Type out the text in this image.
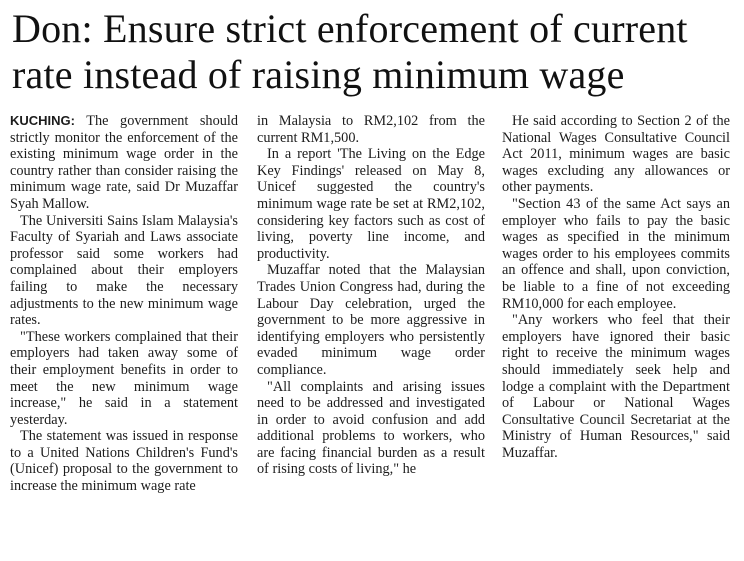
Don: Ensure strict enforcement of current
rate instead of raising minimum wage

KUCHING: The government should strictly monitor the enforcement of the existing minimum wage order in the country rather than consider raising the minimum wage rate, said Dr Muzaffar Syah Mallow.

The Universiti Sains Islam Malaysia's Faculty of Syariah and Laws associate professor said some workers had complained about their employers failing to make the necessary adjustments to the new minimum wage rates.

"These workers complained that their employers had taken away some of their employment benefits in order to meet the new minimum wage increase," he said in a statement yesterday.

The statement was issued in response to a United Nations Children's Fund's (Unicef) proposal to the government to increase the minimum wage rate

in Malaysia to RM2,102 from the current RM1,500.

In a report 'The Living on the Edge Key Findings' released on May 8, Unicef suggested the country's minimum wage rate be set at RM2,102, considering key factors such as cost of living, poverty line income, and productivity.

Muzaffar noted that the Malaysian Trades Union Congress had, during the Labour Day celebration, urged the government to be more aggressive in identifying employers who persistently evaded minimum wage order compliance.

"All complaints and arising issues need to be addressed and investigated in order to avoid confusion and add additional problems to workers, who are facing financial burden as a result of rising costs of living," he

He said according to Section 2 of the National Wages Consultative Council Act 2011, minimum wages are basic wages excluding any allowances or other payments.

"Section 43 of the same Act says an employer who fails to pay the basic wages as specified in the minimum wages order to his employees commits an offence and shall, upon conviction, be liable to a fine of not exceeding RM10,000 for each employee.

"Any workers who feel that their employers have ignored their basic right to receive the minimum wages should immediately seek help and lodge a complaint with the Department of Labour or National Wages Consultative Council Secretariat at the Ministry of Human Resources," said Muzaffar.
